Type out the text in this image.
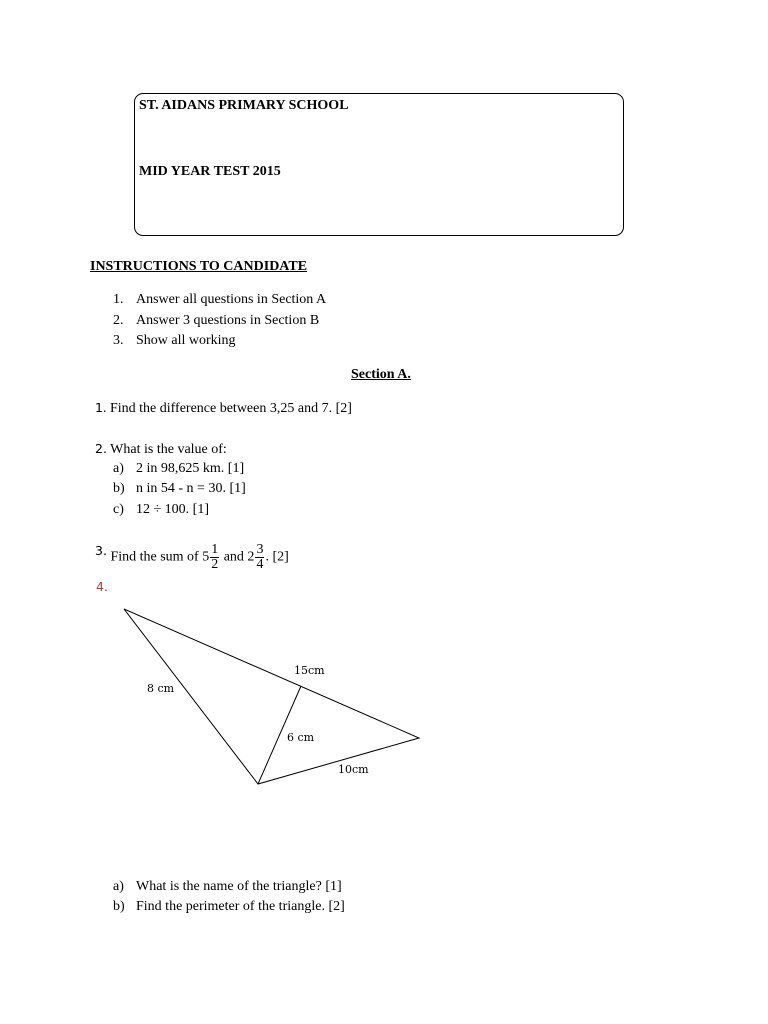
ST. AIDANS PRIMARY SCHOOL
MID YEAR TEST 2015
INSTRUCTIONS TO CANDIDATE
1. Answer all questions in Section A
2. Answer 3 questions in Section B
3. Show all working
Section A.
1. Find the difference between 3,25 and 7. [2]
2. What is the value of:
a) 2 in 98,625 km. [1]
b) n in 54 - n = 30. [1]
c) 12 ÷ 100. [1]
3. Find the sum of $5 \frac{1}{2}$ and $2 \frac{3}{4}$ . [2]
4.
15cm
8 cm
6 cm
10cm
a) What is the name of the triangle? [1]
b) Find the perimeter of the triangle. [2]
